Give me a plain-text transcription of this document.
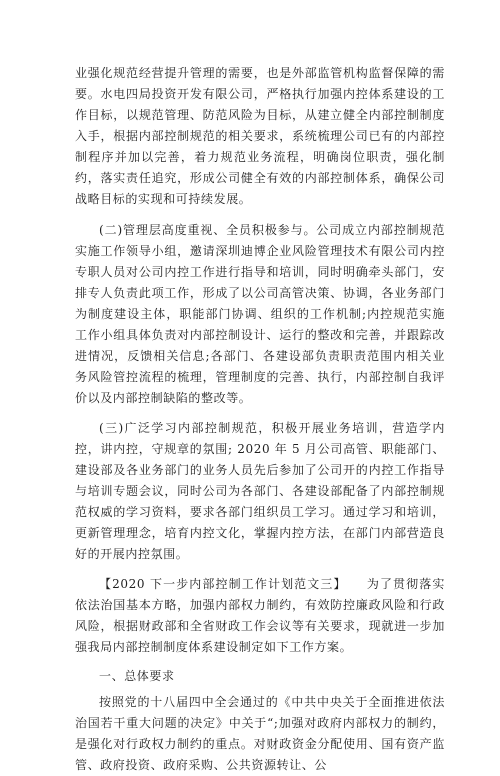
业强化规范经营提升管理的需要，也是外部监管机构监督保障的需要。水电四局投资开发有限公司，严格执行加强内控体系建设的工作目标，以规范管理、防范风险为目标，从建立健全内部控制制度入手，根据内部控制规范的相关要求，系统梳理公司已有的内部控制程序并加以完善，着力规范业务流程，明确岗位职责，强化制约，落实责任追究，形成公司健全有效的内部控制体系，确保公司战略目标的实现和可持续发展。

(二)管理层高度重视、全员积极参与。公司成立内部控制规范实施工作领导小组，邀请深圳迪博企业风险管理技术有限公司内控专职人员对公司内控工作进行指导和培训，同时明确牵头部门，安排专人负责此项工作，形成了以公司高管决策、协调，各业务部门为制度建设主体，职能部门协调、组织的工作机制;内控规范实施工作小组具体负责对内部控制设计、运行的整改和完善，并跟踪改进情况，反馈相关信息;各部门、各建设部负责职责范围内相关业务风险管控流程的梳理，管理制度的完善、执行，内部控制自我评价以及内部控制缺陷的整改等。

(三)广泛学习内部控制规范，积极开展业务培训，营造学内控，讲内控，守规章的氛围; 2020 年 5 月公司高管、职能部门、建设部及各业务部门的业务人员先后参加了公司开的内控工作指导与培训专题会议，同时公司为各部门、各建设部配备了内部控制规范权威的学习资料，要求各部门组织员工学习。通过学习和培训，更新管理理念，培育内控文化，掌握内控方法，在部门内部营造良好的开展内控氛围。

【2020 下一步内部控制工作计划范文三】　　为了贯彻落实依法治国基本方略，加强内部权力制约，有效防控廉政风险和行政风险，根据财政部和全省财政工作会议等有关要求，现就进一步加强我局内部控制制度体系建设制定如下工作方案。

一、总体要求

按照党的十八届四中全会通过的《中共中央关于全面推进依法治国若干重大问题的决定》中关于“;加强对政府内部权力的制约，是强化对行政权力制约的重点。对财政资金分配使用、国有资产监管、政府投资、政府采购、公共资源转让、公
